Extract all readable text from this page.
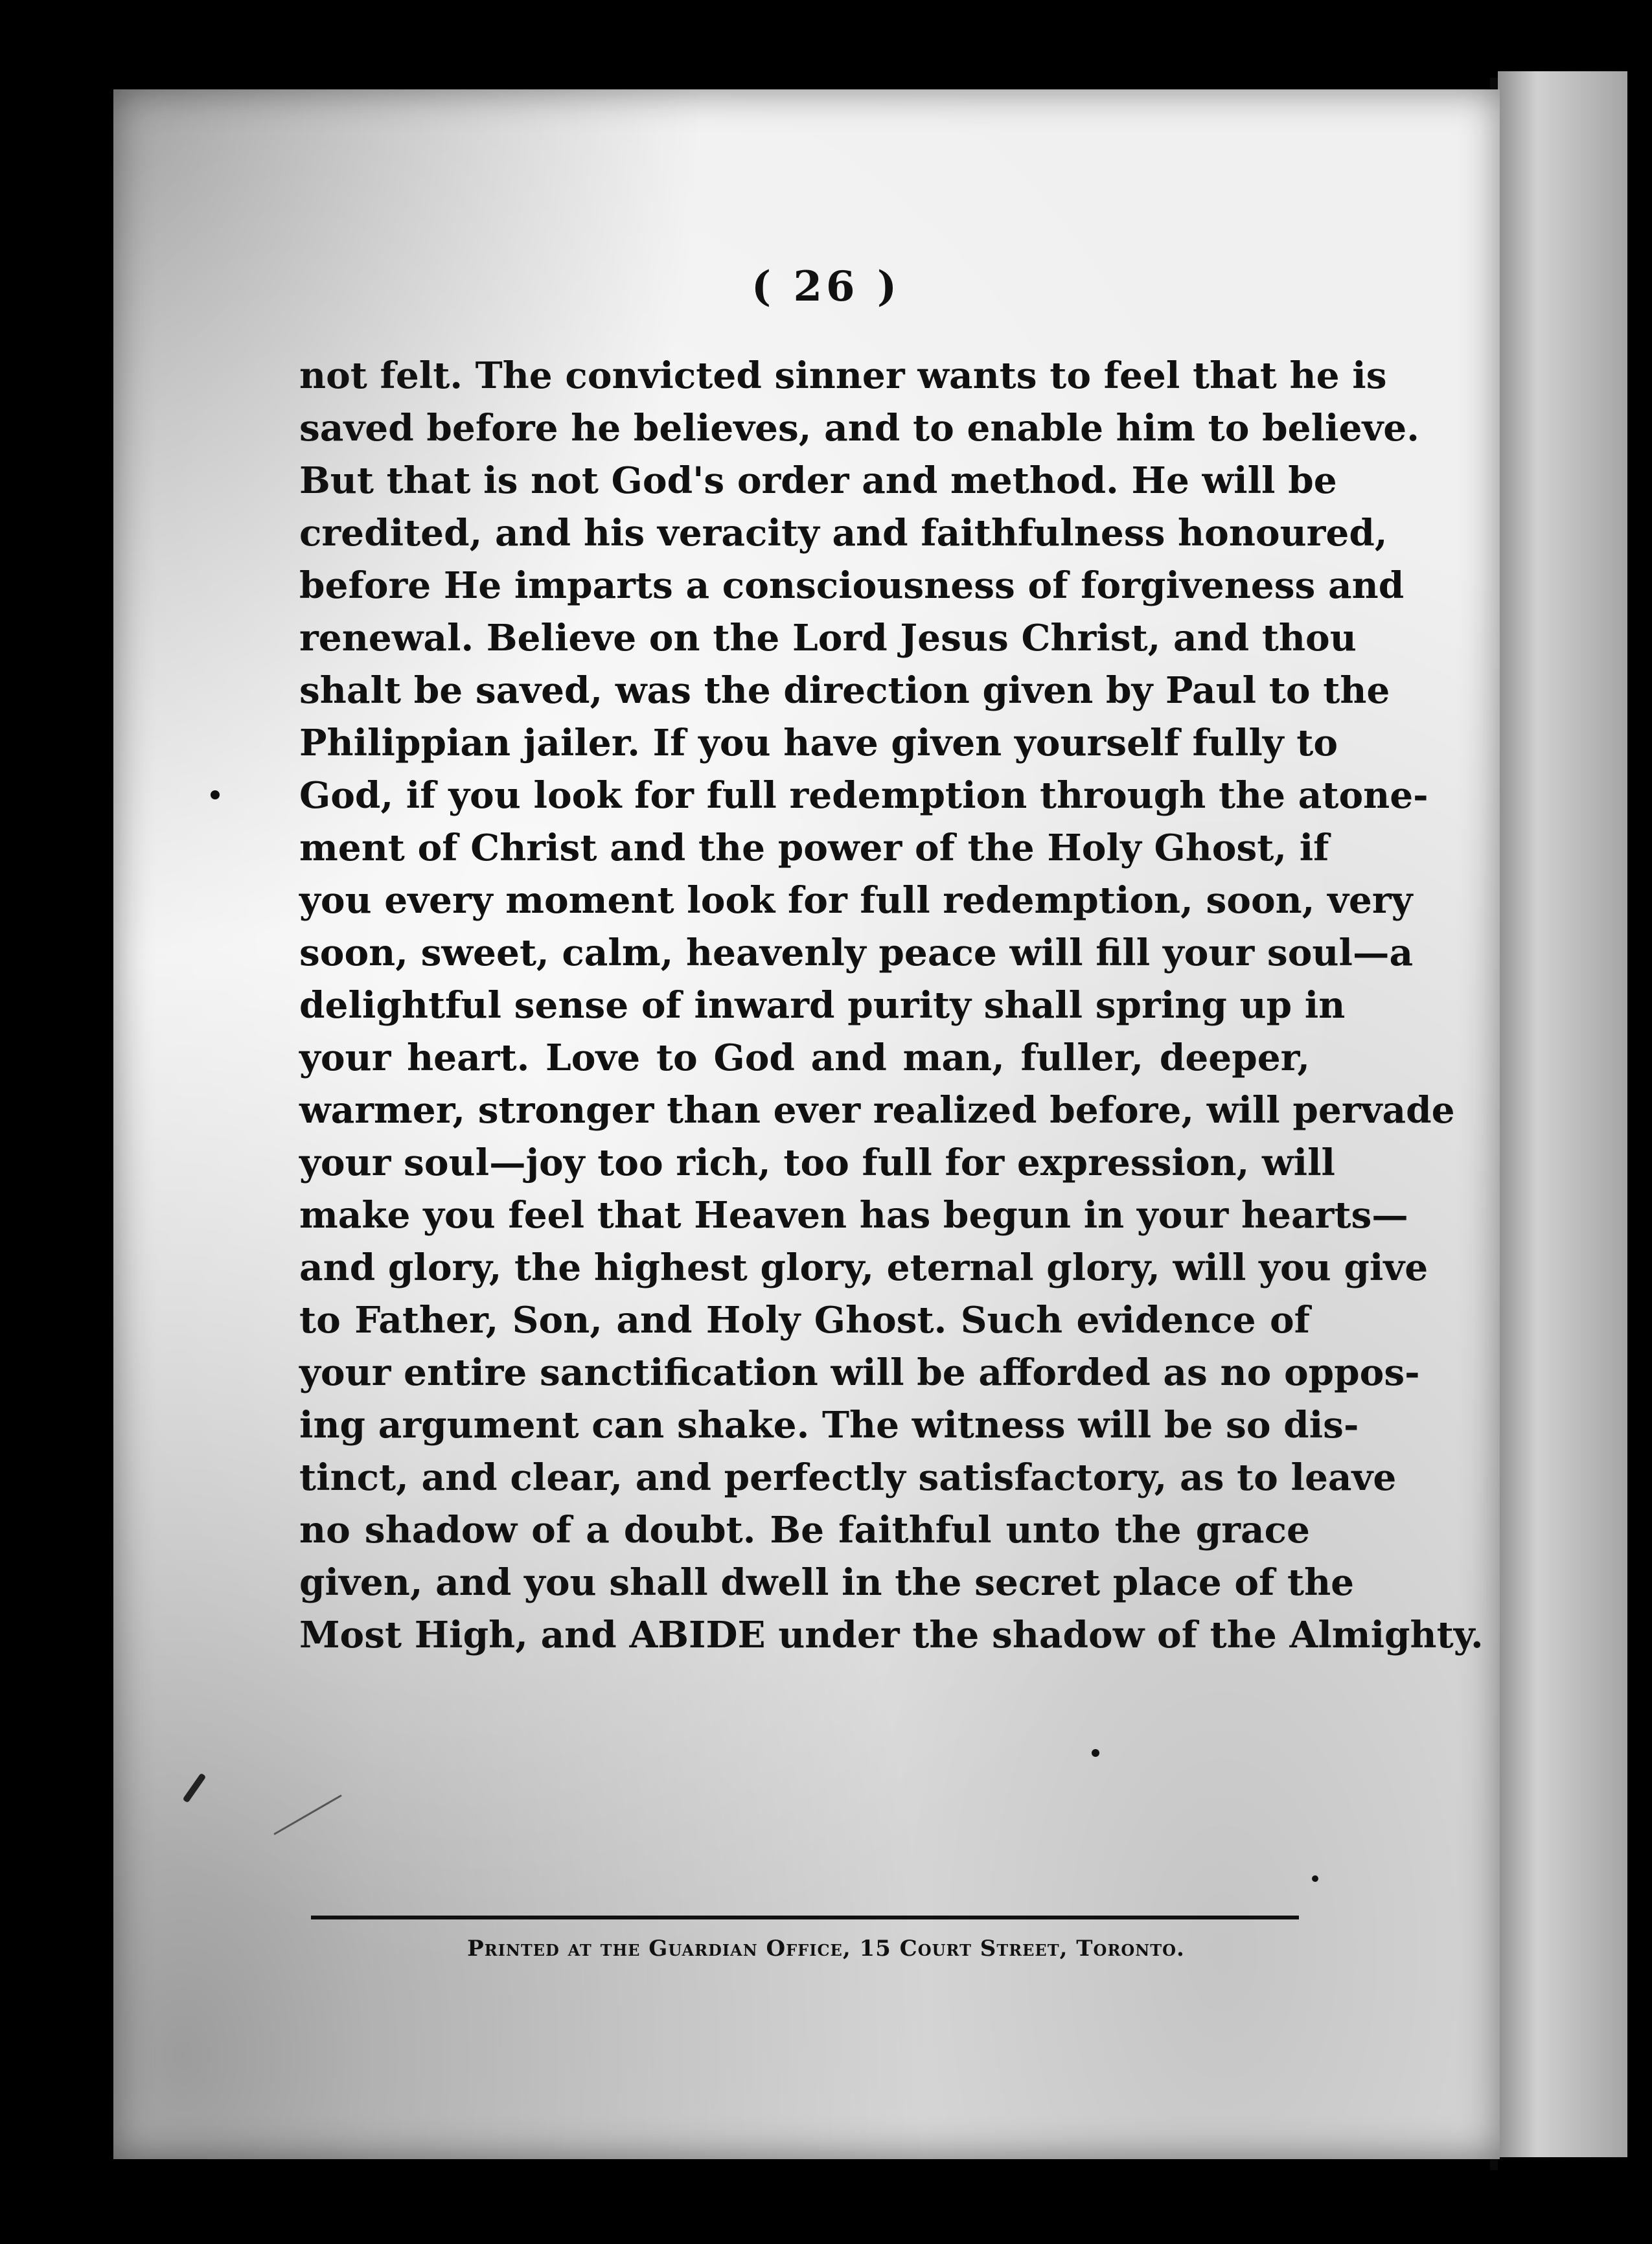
( 26 )
not felt. The convicted sinner wants to feel that he is
saved before he believes, and to enable him to believe.
But that is not God's order and method. He will be
credited, and his veracity and faithfulness honoured,
before He imparts a consciousness of forgiveness and
renewal. Believe on the Lord Jesus Christ, and thou
shalt be saved, was the direction given by Paul to the
Philippian jailer. If you have given yourself fully to
God, if you look for full redemption through the atone-
ment of Christ and the power of the Holy Ghost, if
you every moment look for full redemption, soon, very
soon, sweet, calm, heavenly peace will fill your soul—a
delightful sense of inward purity shall spring up in
your heart. Love to God and man, fuller, deeper,
warmer, stronger than ever realized before, will pervade
your soul—joy too rich, too full for expression, will
make you feel that Heaven has begun in your hearts—
and glory, the highest glory, eternal glory, will you give
to Father, Son, and Holy Ghost. Such evidence of
your entire sanctification will be afforded as no oppos-
ing argument can shake. The witness will be so dis-
tinct, and clear, and perfectly satisfactory, as to leave
no shadow of a doubt. Be faithful unto the grace
given, and you shall dwell in the secret place of the
Most High, and ABIDE under the shadow of the Almighty.
Printed at the Guardian Office, 15 Court Street, Toronto.
